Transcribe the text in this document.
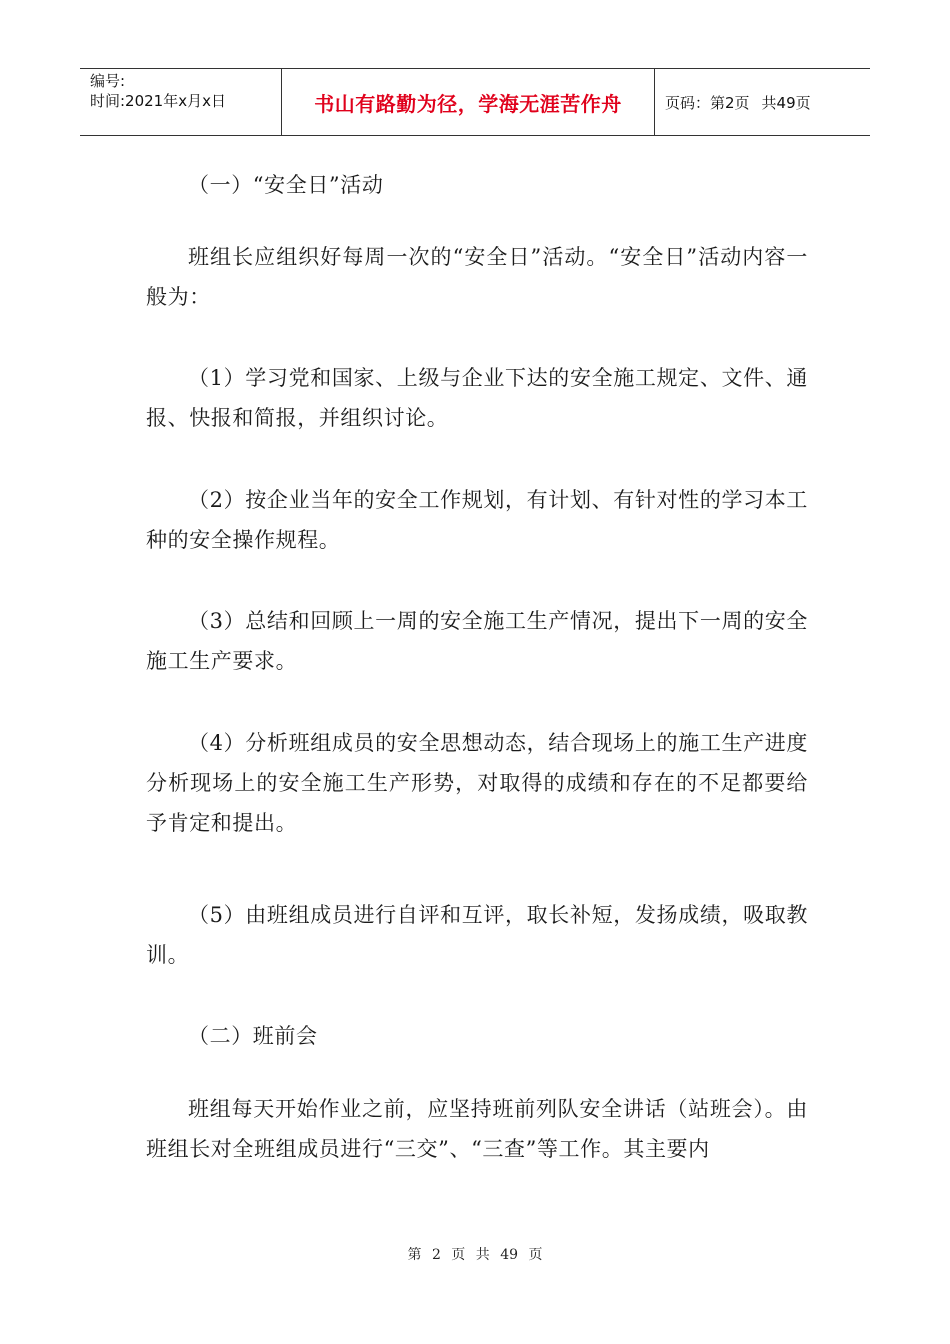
编号:
时间:2021年x月x日	书山有路勤为径，学海无涯苦作舟	页码：第2页 共49页

（一）“安全日”活动

班组长应组织好每周一次的“安全日”活动。“安全日”活动内容一般为：

（1）学习党和国家、上级与企业下达的安全施工规定、文件、通报、快报和简报，并组织讨论。

（2）按企业当年的安全工作规划，有计划、有针对性的学习本工种的安全操作规程。

（3）总结和回顾上一周的安全施工生产情况，提出下一周的安全施工生产要求。

（4）分析班组成员的安全思想动态，结合现场上的施工生产进度分析现场上的安全施工生产形势，对取得的成绩和存在的不足都要给予肯定和提出。

（5）由班组成员进行自评和互评，取长补短，发扬成绩，吸取教训。

（二）班前会

班组每天开始作业之前，应坚持班前列队安全讲话（站班会）。由班组长对全班组成员进行“三交”、“三查”等工作。其主要内

第 2 页 共 49 页
